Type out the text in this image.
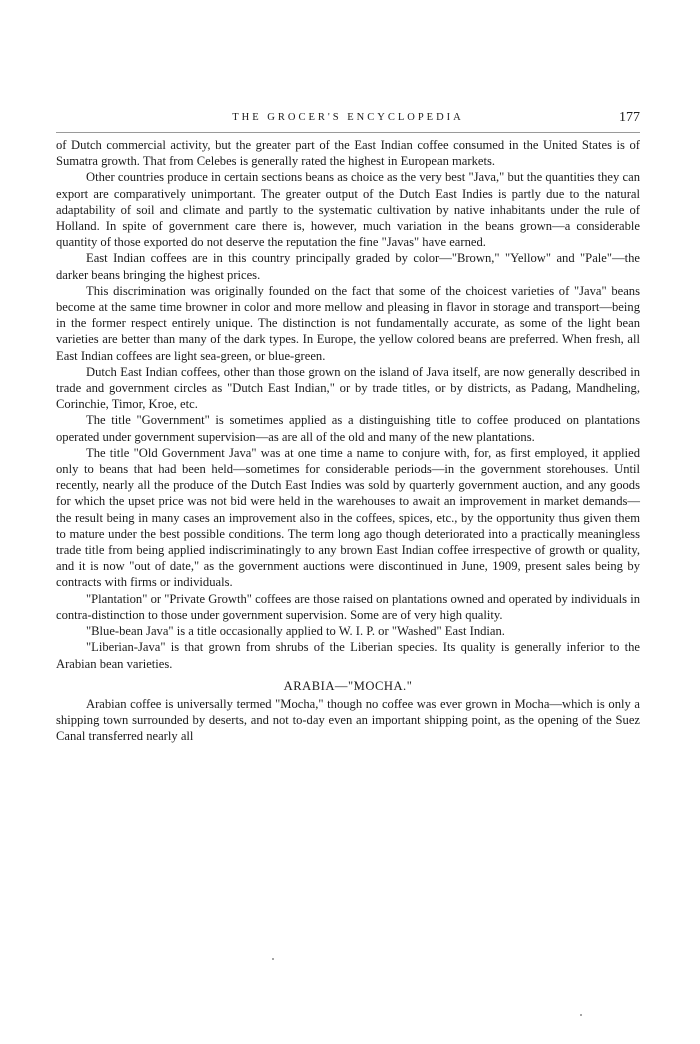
THE GROCER'S ENCYCLOPEDIA	177

of Dutch commercial activity, but the greater part of the East Indian coffee consumed in the United States is of Sumatra growth. That from Celebes is generally rated the highest in European markets.

Other countries produce in certain sections beans as choice as the very best "Java," but the quantities they can export are comparatively unimportant. The greater output of the Dutch East Indies is partly due to the natural adaptability of soil and climate and partly to the systematic cultivation by native inhabitants under the rule of Holland. In spite of government care there is, however, much variation in the beans grown—a considerable quantity of those exported do not deserve the reputation the fine "Javas" have earned.

East Indian coffees are in this country principally graded by color—"Brown," "Yellow" and "Pale"—the darker beans bringing the highest prices.

This discrimination was originally founded on the fact that some of the choicest varieties of "Java" beans become at the same time browner in color and more mellow and pleasing in flavor in storage and transport—being in the former respect entirely unique. The distinction is not fundamentally accurate, as some of the light bean varieties are better than many of the dark types. In Europe, the yellow colored beans are preferred. When fresh, all East Indian coffees are light sea-green, or blue-green.

Dutch East Indian coffees, other than those grown on the island of Java itself, are now generally described in trade and government circles as "Dutch East Indian," or by trade titles, or by districts, as Padang, Mandheling, Corinchie, Timor, Kroe, etc.

The title "Government" is sometimes applied as a distinguishing title to coffee produced on plantations operated under government supervision—as are all of the old and many of the new plantations.

The title "Old Government Java" was at one time a name to conjure with, for, as first employed, it applied only to beans that had been held—sometimes for considerable periods—in the government storehouses. Until recently, nearly all the produce of the Dutch East Indies was sold by quarterly government auction, and any goods for which the upset price was not bid were held in the warehouses to await an improvement in market demands—the result being in many cases an improvement also in the coffees, spices, etc., by the opportunity thus given them to mature under the best possible conditions. The term long ago though deteriorated into a practically meaningless trade title from being applied indiscriminatingly to any brown East Indian coffee irrespective of growth or quality, and it is now "out of date," as the government auctions were discontinued in June, 1909, present sales being by contracts with firms or individuals.

"Plantation" or "Private Growth" coffees are those raised on plantations owned and operated by individuals in contra-distinction to those under government supervision. Some are of very high quality.

"Blue-bean Java" is a title occasionally applied to W. I. P. or "Washed" East Indian.

"Liberian-Java" is that grown from shrubs of the Liberian species. Its quality is generally inferior to the Arabian bean varieties.

ARABIA—"MOCHA."

Arabian coffee is universally termed "Mocha," though no coffee was ever grown in Mocha—which is only a shipping town surrounded by deserts, and not to-day even an important shipping point, as the opening of the Suez Canal transferred nearly all
